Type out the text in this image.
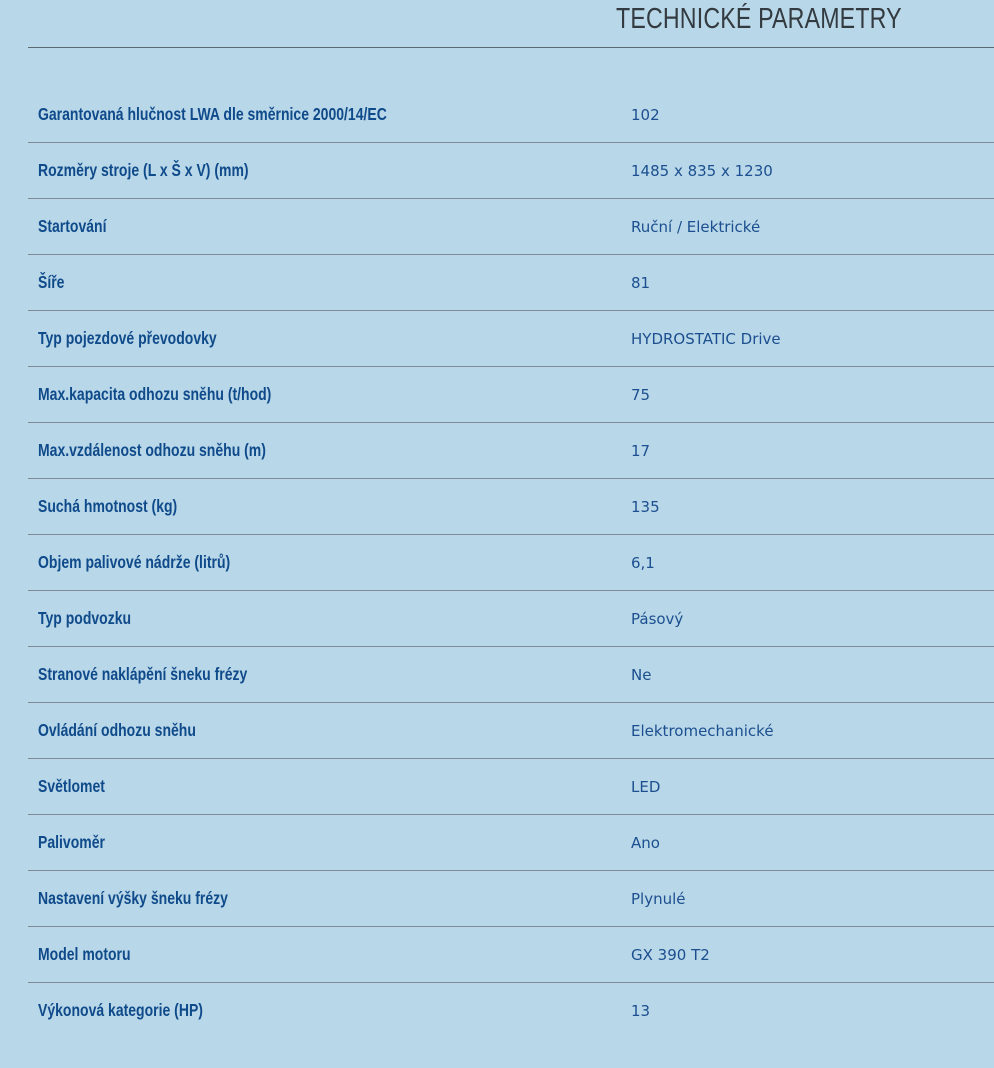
TECHNICKÉ PARAMETRY
Garantovaná hlučnost LWA dle směrnice 2000/14/EC	102
Rozměry stroje (L x Š x V) (mm)	1485 x 835 x 1230
Startování	Ruční / Elektrické
Šíře	81
Typ pojezdové převodovky	HYDROSTATIC Drive
Max.kapacita odhozu sněhu (t/hod)	75
Max.vzdálenost odhozu sněhu (m)	17
Suchá hmotnost (kg)	135
Objem palivové nádrže (litrů)	6,1
Typ podvozku	Pásový
Stranové naklápění šneku frézy	Ne
Ovládání odhozu sněhu	Elektromechanické
Světlomet	LED
Palivoměr	Ano
Nastavení výšky šneku frézy	Plynulé
Model motoru	GX 390 T2
Výkonová kategorie (HP)	13
